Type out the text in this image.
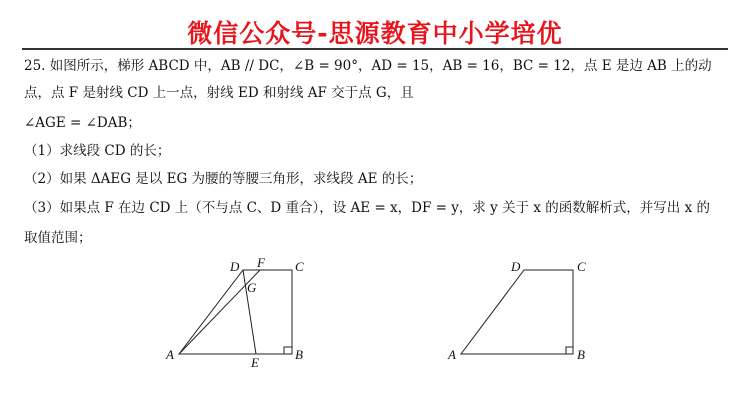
微信公众号-思源教育中小学培优
25. 如图所示，梯形 ABCD 中，AB // DC，∠B = 90°，AD = 15，AB = 16，BC = 12，点 E 是边 AB 上的动
点，点 F 是射线 CD 上一点，射线 ED 和射线 AF 交于点 G，且
∠AGE = ∠DAB；
（1）求线段 CD 的长；
（2）如果 ΔAEG 是以 EG 为腰的等腰三角形，求线段 AE 的长；
（3）如果点 F 在边 CD 上（不与点 C、D 重合），设 AE = x，DF = y，求 y 关于 x 的函数解析式，并写出 x 的
取值范围；
A	B
C
D F
G
E
A	B
C
D
